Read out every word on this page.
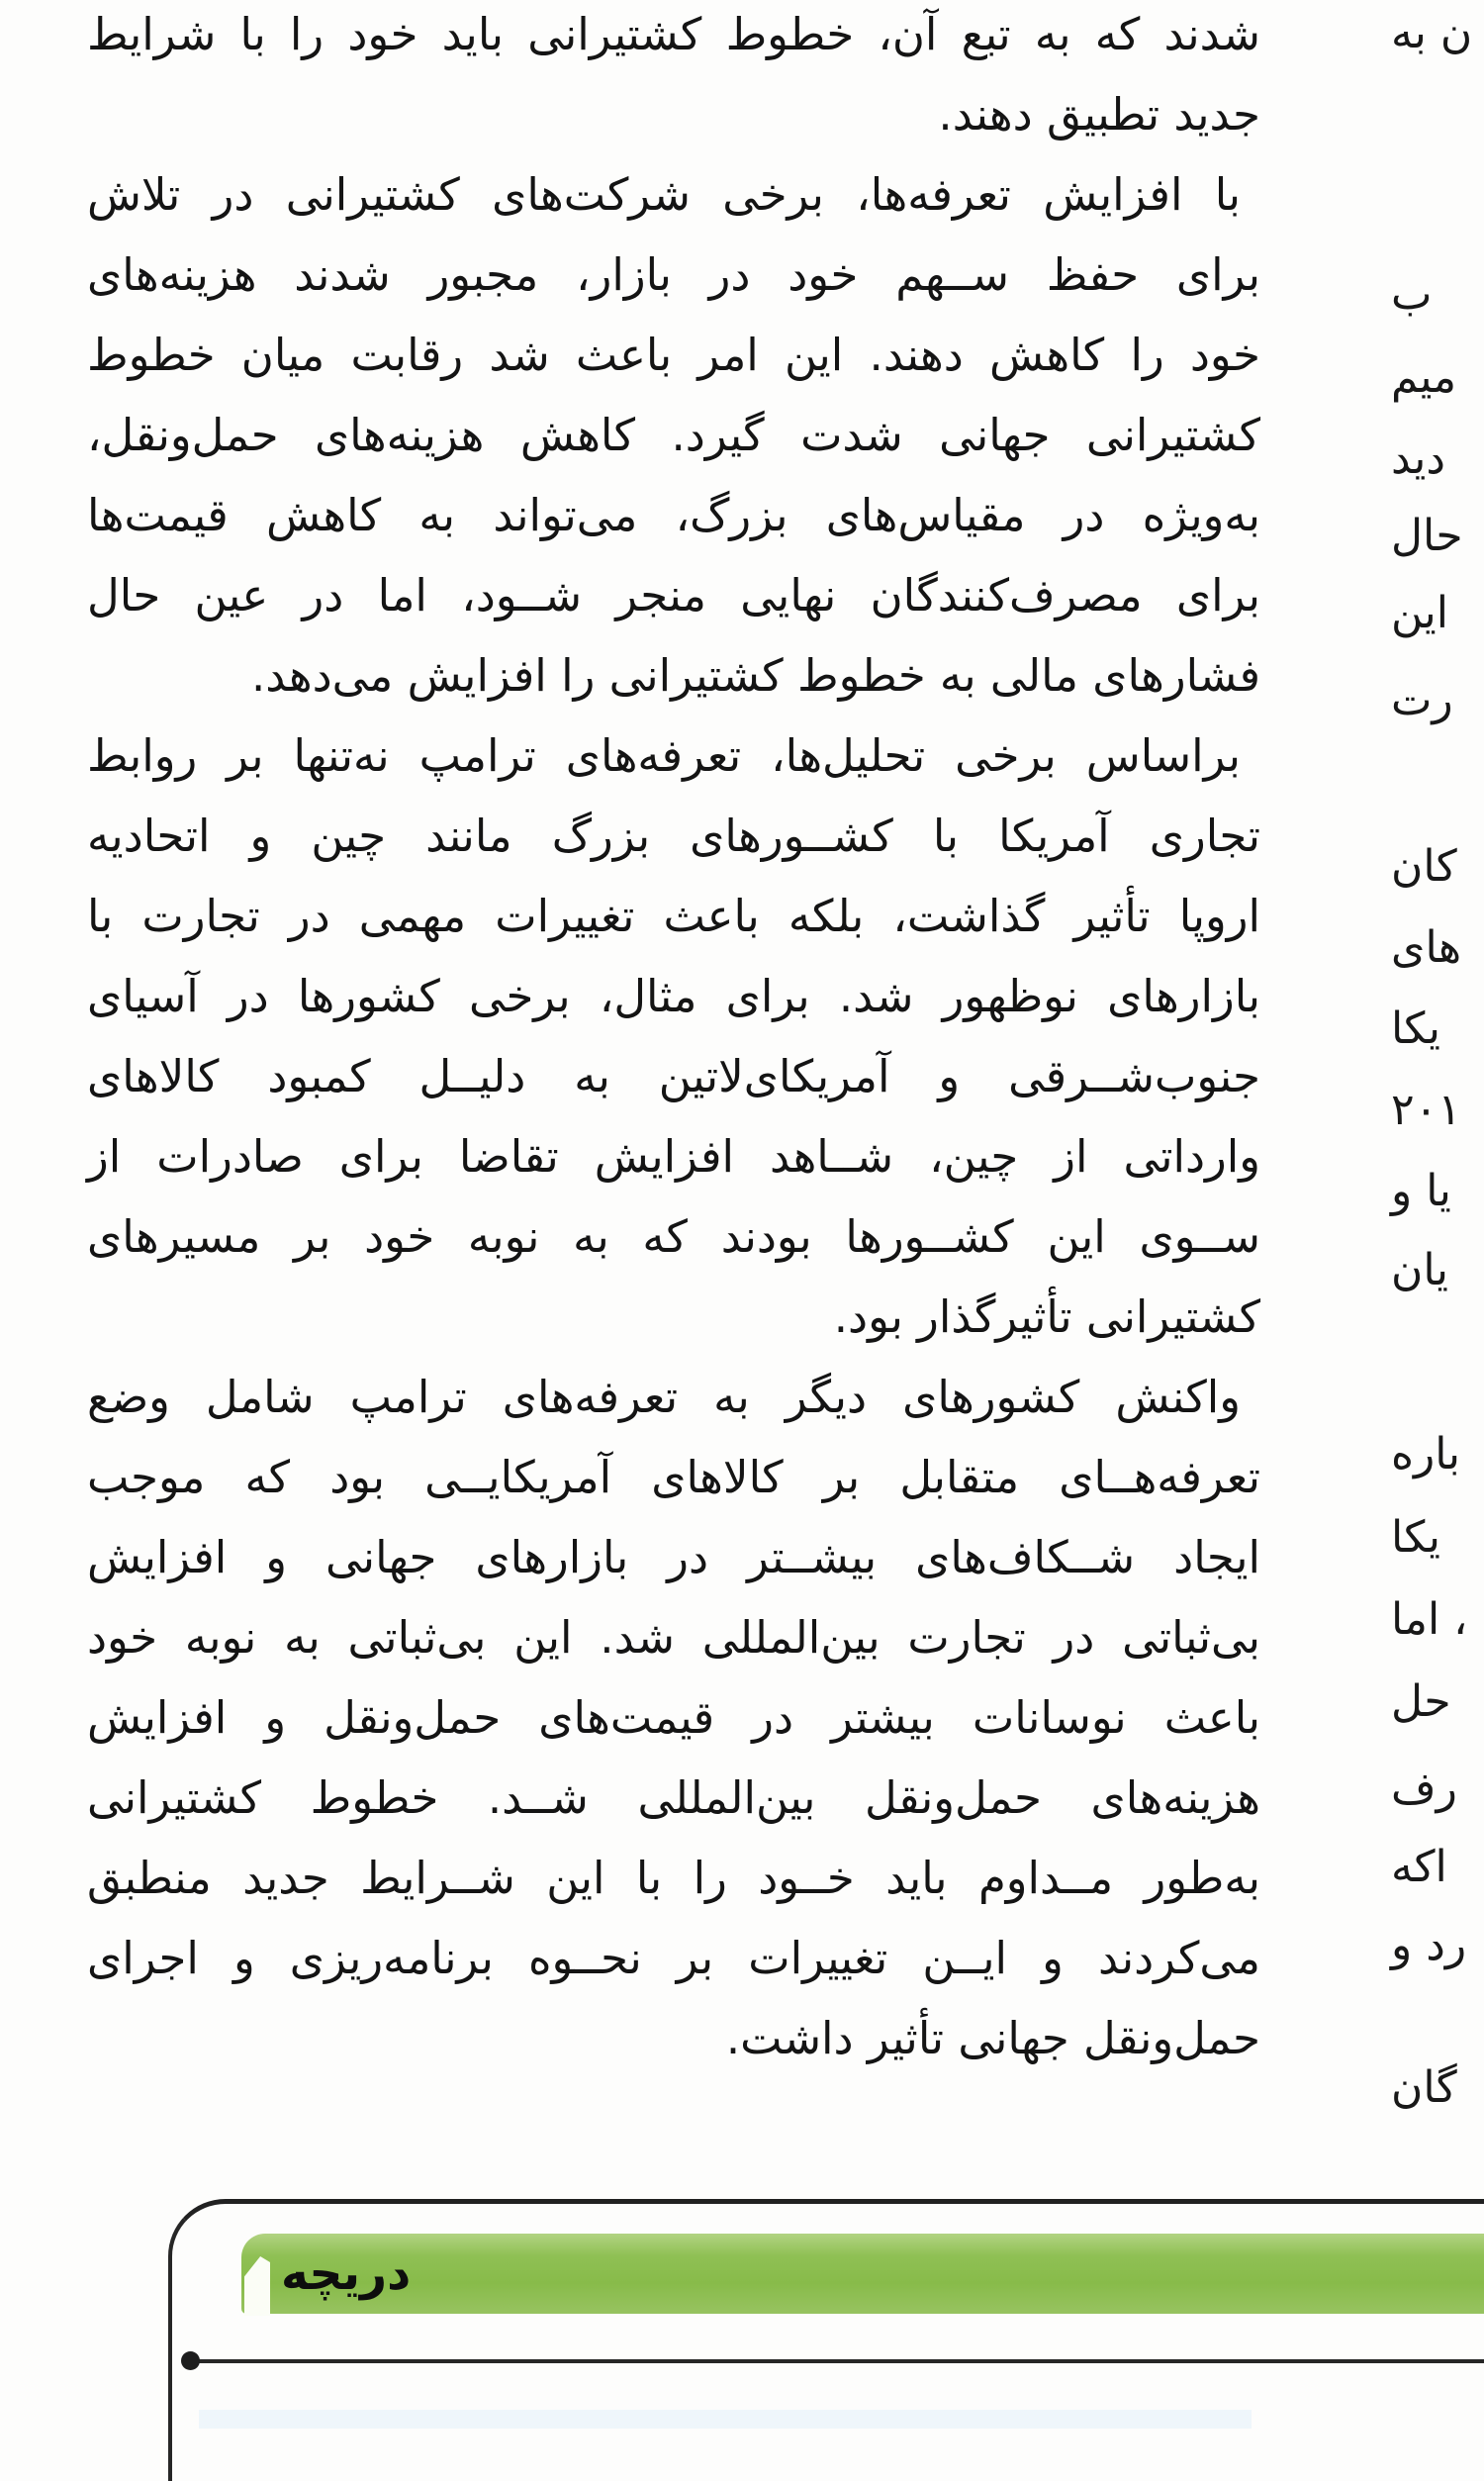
شدند که به تبع آن، خطوط کشتیرانی باید خود را با شرایط
جدید تطبیق دهند.
با افزایش تعرفه‌ها، برخی شرکت‌های کشتیرانی در تلاش
برای حفظ ســهم خود در بازار، مجبور شدند هزینه‌های
خود را کاهش دهند. این امر باعث شد رقابت میان خطوط
کشتیرانی جهانی شدت گیرد. کاهش هزینه‌های حمل‌ونقل،
به‌ویژه در مقیاس‌های بزرگ، می‌تواند به کاهش قیمت‌ها
برای مصرف‌کنندگان نهایی منجر شــود، اما در عین حال
فشارهای مالی به خطوط کشتیرانی را افزایش می‌دهد.
براساس برخی تحلیل‌ها، تعرفه‌های ترامپ نه‌تنها بر روابط
تجاری آمریکا با کشــورهای بزرگ مانند چین و اتحادیه
اروپا تأثیر گذاشت، بلکه باعث تغییرات مهمی در تجارت با
بازارهای نوظهور شد. برای مثال، برخی کشورها در آسیای
جنوب‌شــرقی و آمریکای‌لاتین به دلیــل کمبود کالاهای
وارداتی از چین، شــاهد افزایش تقاضا برای صادرات از
ســوی این کشــورها بودند که به نوبه خود بر مسیرهای
کشتیرانی تأثیرگذار بود.
واکنش کشورهای دیگر به تعرفه‌های ترامپ شامل وضع
تعرفه‌هــای متقابل بر کالاهای آمریکایــی بود که موجب
ایجاد شــکاف‌های بیشــتر در بازارهای جهانی و افزایش
بی‌ثباتی در تجارت بین‌المللی شد. این بی‌ثباتی به نوبه خود
باعث نوسانات بیشتر در قیمت‌های حمل‌ونقل و افزایش
هزینه‌های حمل‌ونقل بین‌المللی شــد. خطوط کشتیرانی
به‌طور مــداوم باید خــود را با این شــرایط جدید منطبق
می‌کردند و ایــن تغییرات بر نحــوه برنامه‌ریزی و اجرای
حمل‌ونقل جهانی تأثیر داشت.
ن به
ب
میم
دید
حال
این
رت
کان
های
یکا
۲۰۱
یا و
یان
باره
یکا
، اما
حل
رف
اکه
رد و
گان
دریچه
